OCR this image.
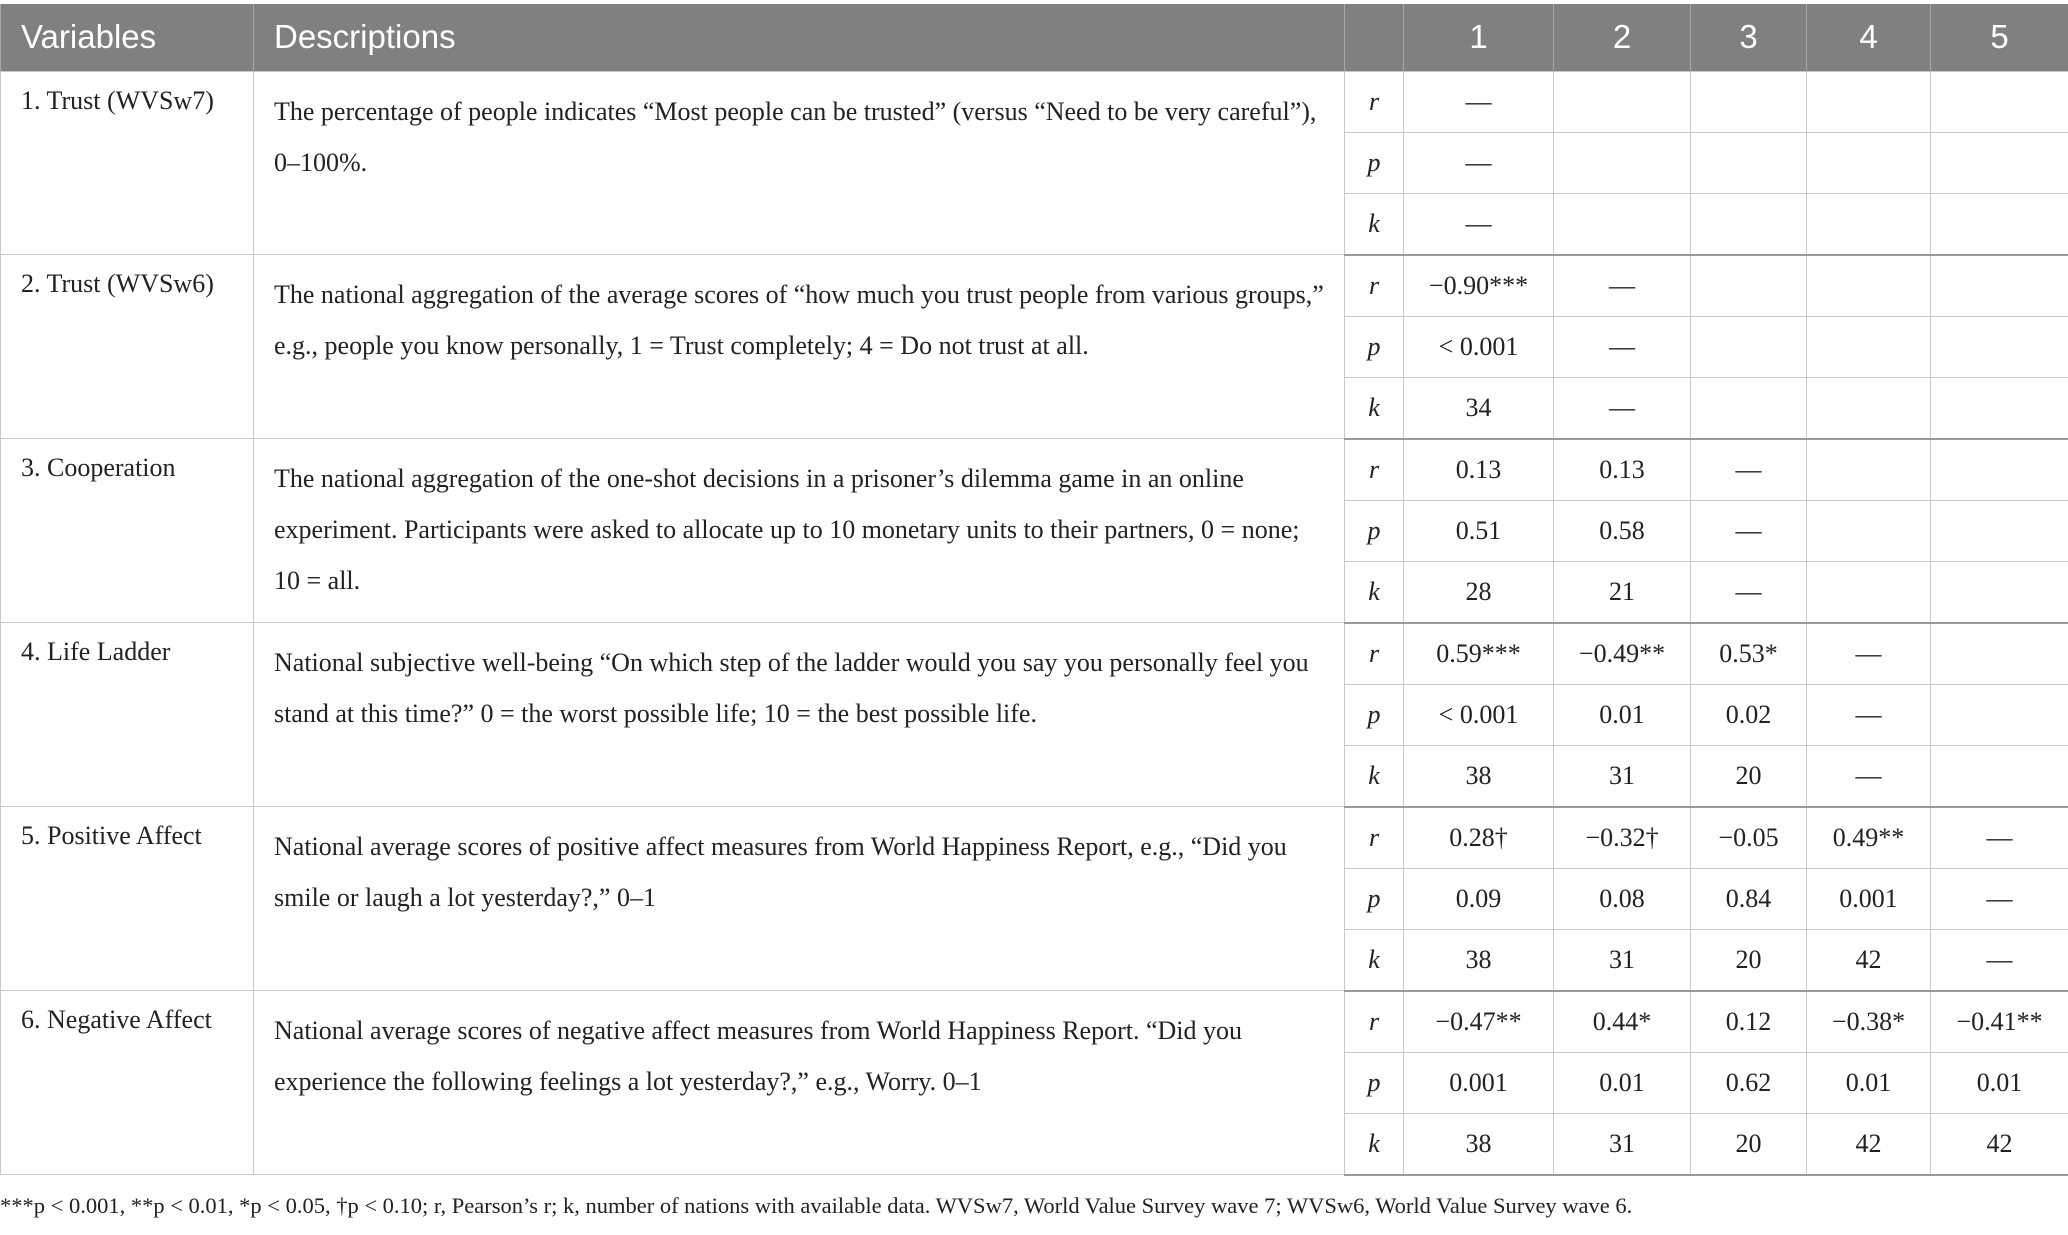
Variables	Descriptions		1	2	3	4	5
1. Trust (WVSw7)	The percentage of people indicates “Most people can be trusted” (versus “Need to be very careful”), 0–100%.	r	—				
		p	—				
		k	—				
2. Trust (WVSw6)	The national aggregation of the average scores of “how much you trust people from various groups,” e.g., people you know personally, 1 = Trust completely; 4 = Do not trust at all.	r	−0.90***	—			
		p	< 0.001	—			
		k	34	—			
3. Cooperation	The national aggregation of the one-shot decisions in a prisoner’s dilemma game in an online experiment. Participants were asked to allocate up to 10 monetary units to their partners, 0 = none; 10 = all.	r	0.13	0.13	—		
		p	0.51	0.58	—		
		k	28	21	—		
4. Life Ladder	National subjective well-being “On which step of the ladder would you say you personally feel you stand at this time?” 0 = the worst possible life; 10 = the best possible life.	r	0.59***	−0.49**	0.53*	—	
		p	< 0.001	0.01	0.02	—	
		k	38	31	20	—	
5. Positive Affect	National average scores of positive affect measures from World Happiness Report, e.g., “Did you smile or laugh a lot yesterday?,” 0–1	r	0.28†	−0.32†	−0.05	0.49**	—
		p	0.09	0.08	0.84	0.001	—
		k	38	31	20	42	—
6. Negative Affect	National average scores of negative affect measures from World Happiness Report. “Did you experience the following feelings a lot yesterday?,” e.g., Worry. 0–1	r	−0.47**	0.44*	0.12	−0.38*	−0.41**
		p	0.001	0.01	0.62	0.01	0.01
		k	38	31	20	42	42
***p < 0.001, **p < 0.01, *p < 0.05, †p < 0.10; r, Pearson’s r; k, number of nations with available data. WVSw7, World Value Survey wave 7; WVSw6, World Value Survey wave 6.
